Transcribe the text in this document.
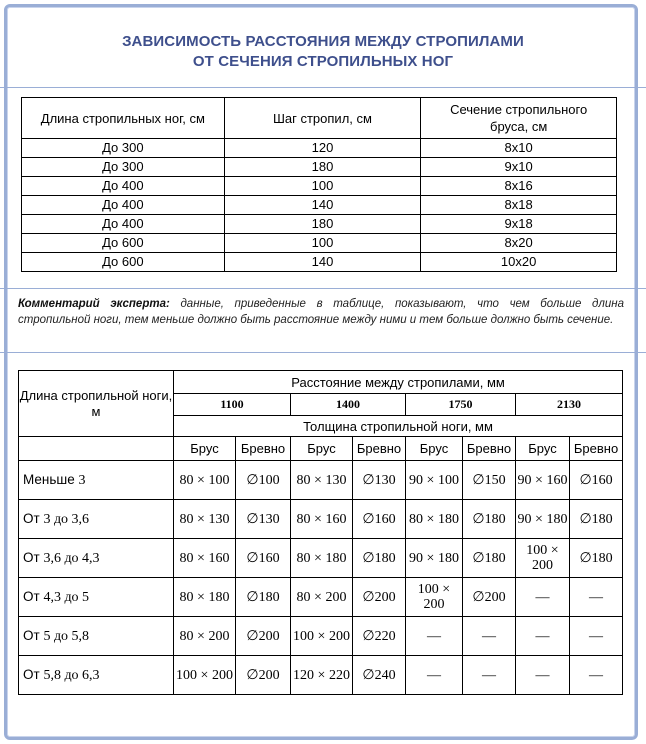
ЗАВИСИМОСТЬ РАССТОЯНИЯ МЕЖДУ СТРОПИЛАМИ
ОТ СЕЧЕНИЯ СТРОПИЛЬНЫХ НОГ
Длина стропильных ног, см	Шаг стропил, см	Сечение стропильного
бруса, см
До 300	120	8x10
До 300	180	9x10
До 400	100	8x16
До 400	140	8x18
До 400	180	9x18
До 600	100	8x20
До 600	140	10x20
Комментарий эксперта: данные, приведенные в таблице, показывают, что чем больше длина стропильной ноги, тем меньше должно быть расстояние между ними и тем больше должно быть сечение.
Длина стропильной ноги, м	Расстояние между стропилами, мм							
	1100		1400		1750		2130	
	Толщина стропильной ноги, мм							
	Брус	Бревно	Брус	Бревно	Брус	Бревно	Брус	Бревно
Меньше 3	80 × 100	∅100	80 × 130	∅130	90 × 100	∅150	90 × 160	∅160
От 3 до 3,6	80 × 130	∅130	80 × 160	∅160	80 × 180	∅180	90 × 180	∅180
От 3,6 до 4,3	80 × 160	∅160	80 × 180	∅180	90 × 180	∅180	100 × 200	∅180
От 4,3 до 5	80 × 180	∅180	80 × 200	∅200	100 × 200	∅200	—	—
От 5 до 5,8	80 × 200	∅200	100 × 200	∅220	—	—	—	—
От 5,8 до 6,3	100 × 200	∅200	120 × 220	∅240	—	—	—	—
